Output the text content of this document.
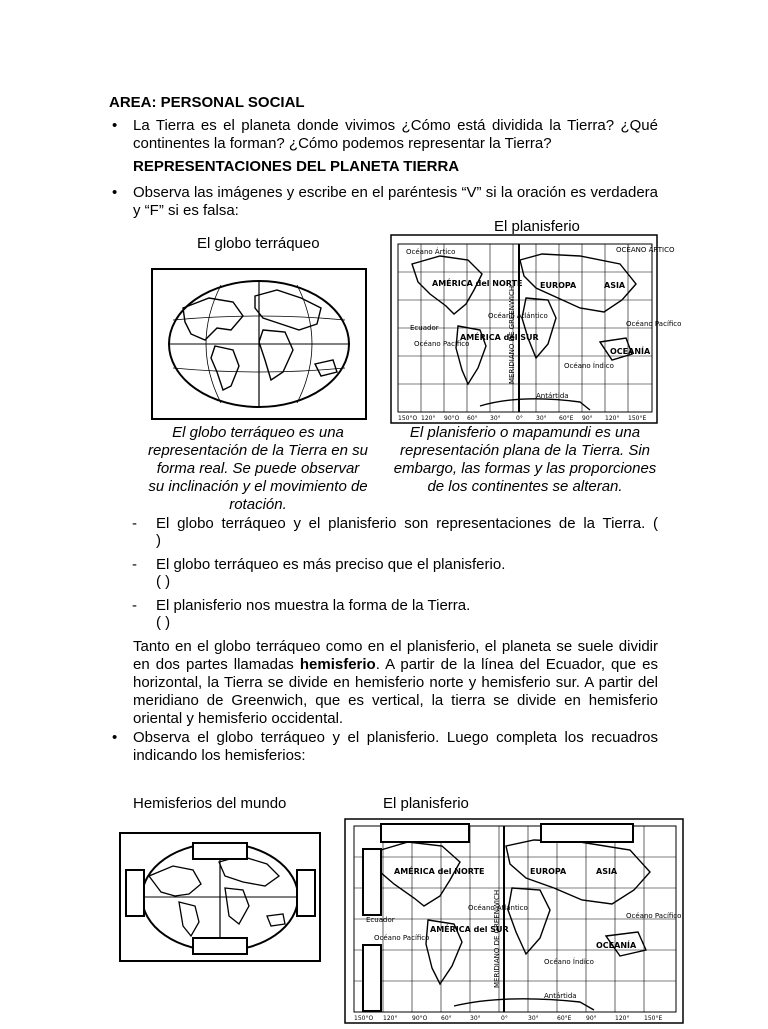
AREA: PERSONAL SOCIAL
• La Tierra es el planeta donde vivimos ¿Cómo está dividida la Tierra? ¿Qué continentes la forman? ¿Cómo podemos representar la Tierra?
REPRESENTACIONES DEL PLANETA TIERRA
• Observa las imágenes y escribe en el paréntesis “V” si la oración es verdadera y “F” si es falsa:
El planisferio
El globo terráqueo	Océano Ártico	OCÉANO ÁRTICO
AMÉRICA del NORTE EUROPA	ASIA
Océano Atlántico
Ecuador	Océano Pacífico
Océano Pacífico
AMÉRICA del SUR
OCEANÍA
Océano Índico
Antártida
MERIDIANO DE GREENWICH
150°O 120° 90°O 60° 30°	0° 30° 60°E 90° 120° 150°E
El globo terráqueo es una representación de la Tierra en su forma real. Se puede observar su inclinación y el movimiento de rotación.
El planisferio o mapamundi es una representación plana de la Tierra. Sin embargo, las formas y las proporciones de los continentes se alteran.
- El globo terráqueo y el planisferio son representaciones de la Tierra. (
)
- El globo terráqueo es más preciso que el planisferio.
( )
- El planisferio nos muestra la forma de la Tierra.
( )
Tanto en el globo terráqueo como en el planisferio, el planeta se suele dividir en dos partes llamadas hemisferio. A partir de la línea del Ecuador, que es horizontal, la Tierra se divide en hemisferio norte y hemisferio sur. A partir del meridiano de Greenwich, que es vertical, la tierra se divide en hemisferio oriental y hemisferio occidental.
• Observa el globo terráqueo y el planisferio. Luego completa los recuadros indicando los hemisferios:
Hemisferios del mundo	El planisferio
AMÉRICA del NORTE	EUROPA	ASIA
Océano Atlántico
Ecuador	Océano Pacífico
Océano Pacífico
AMÉRICA del SUR
OCEANÍA
Océano Índico
Antártida
MERIDIANO DE GREENWICH
150°O 120° 90°O 60°	30°	0°	30°	60°E 90°	120° 150°E
